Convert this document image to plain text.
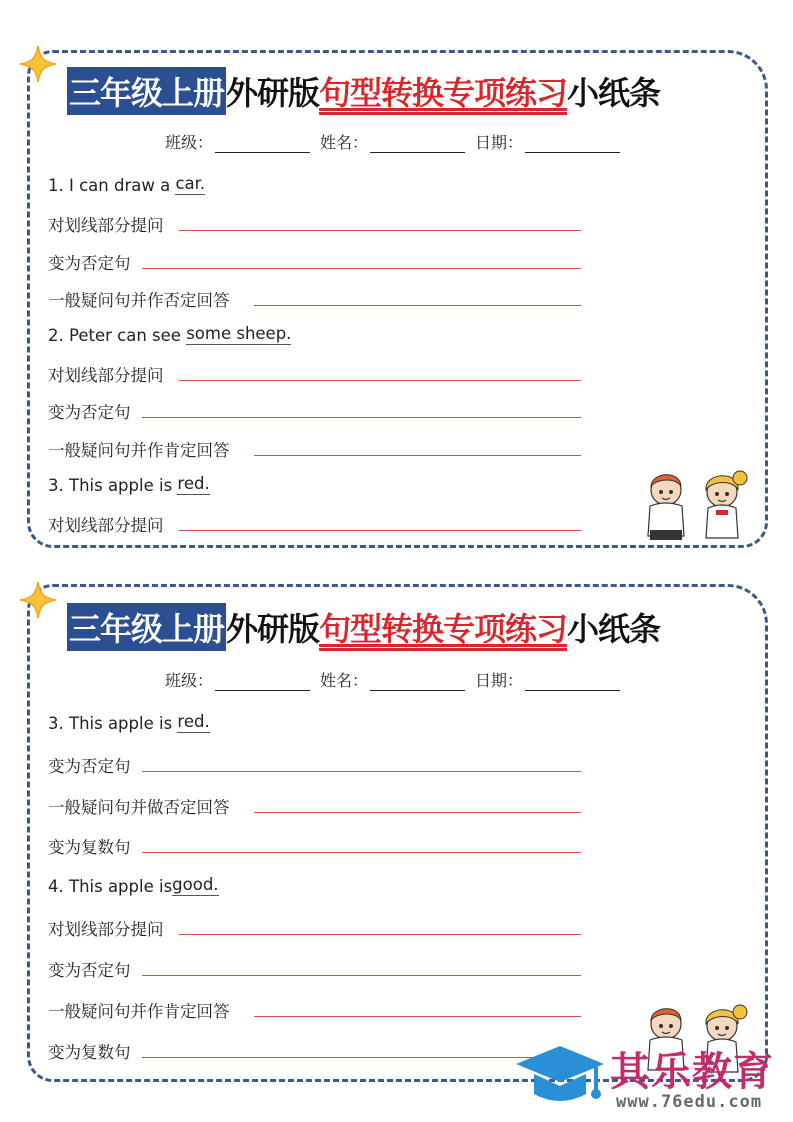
三年级上册 外研版 句型转换专项练习 小纸条
班级：	姓名：	日期：
1. I can draw a
car.
对划线部分提问
变为否定句
一般疑问句并作否定回答
2. Peter can see
some sheep.
对划线部分提问
变为否定句
一般疑问句并作肯定回答
3. This apple is
red.
对划线部分提问
三年级上册 外研版 句型转换专项练习 小纸条
班级：	姓名：	日期：
3. This apple is
red.
变为否定句
一般疑问句并做否定回答
变为复数句
4. This apple is good.
对划线部分提问
变为否定句
一般疑问句并作肯定回答
变为复数句	其乐教育
www.76edu.com
